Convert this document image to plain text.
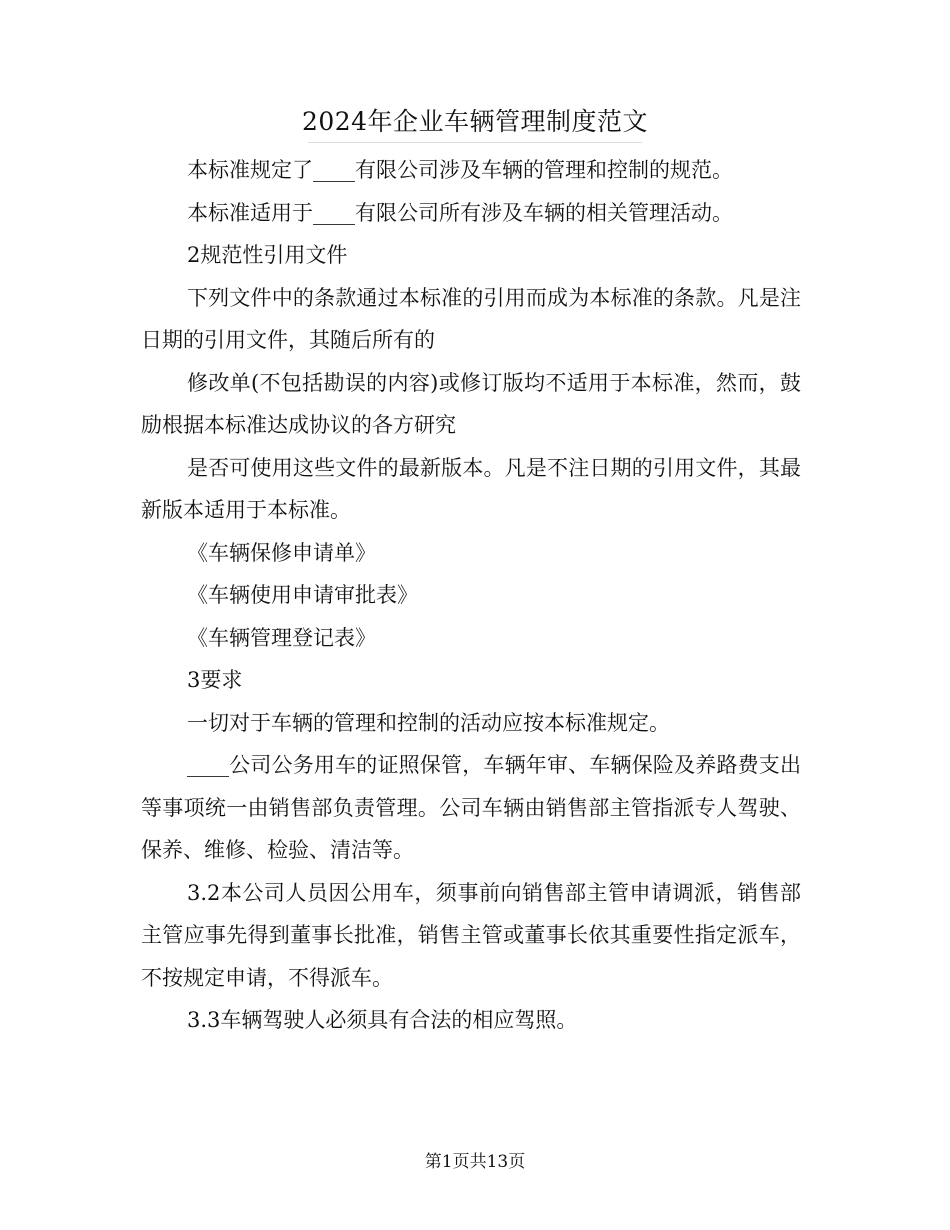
2024年企业车辆管理制度范文

本标准规定了____有限公司涉及车辆的管理和控制的规范。

本标准适用于____有限公司所有涉及车辆的相关管理活动。

2规范性引用文件

下列文件中的条款通过本标准的引用而成为本标准的条款。凡是注日期的引用文件，其随后所有的

修改单(不包括勘误的内容)或修订版均不适用于本标准，然而，鼓励根据本标准达成协议的各方研究

是否可使用这些文件的最新版本。凡是不注日期的引用文件，其最新版本适用于本标准。

《车辆保修申请单》

《车辆使用申请审批表》

《车辆管理登记表》

3要求

一切对于车辆的管理和控制的活动应按本标准规定。

____公司公务用车的证照保管，车辆年审、车辆保险及养路费支出等事项统一由销售部负责管理。公司车辆由销售部主管指派专人驾驶、保养、维修、检验、清洁等。

3.2本公司人员因公用车，须事前向销售部主管申请调派，销售部主管应事先得到董事长批准，销售主管或董事长依其重要性指定派车，不按规定申请，不得派车。

3.3车辆驾驶人必须具有合法的相应驾照。

第1页共13页
